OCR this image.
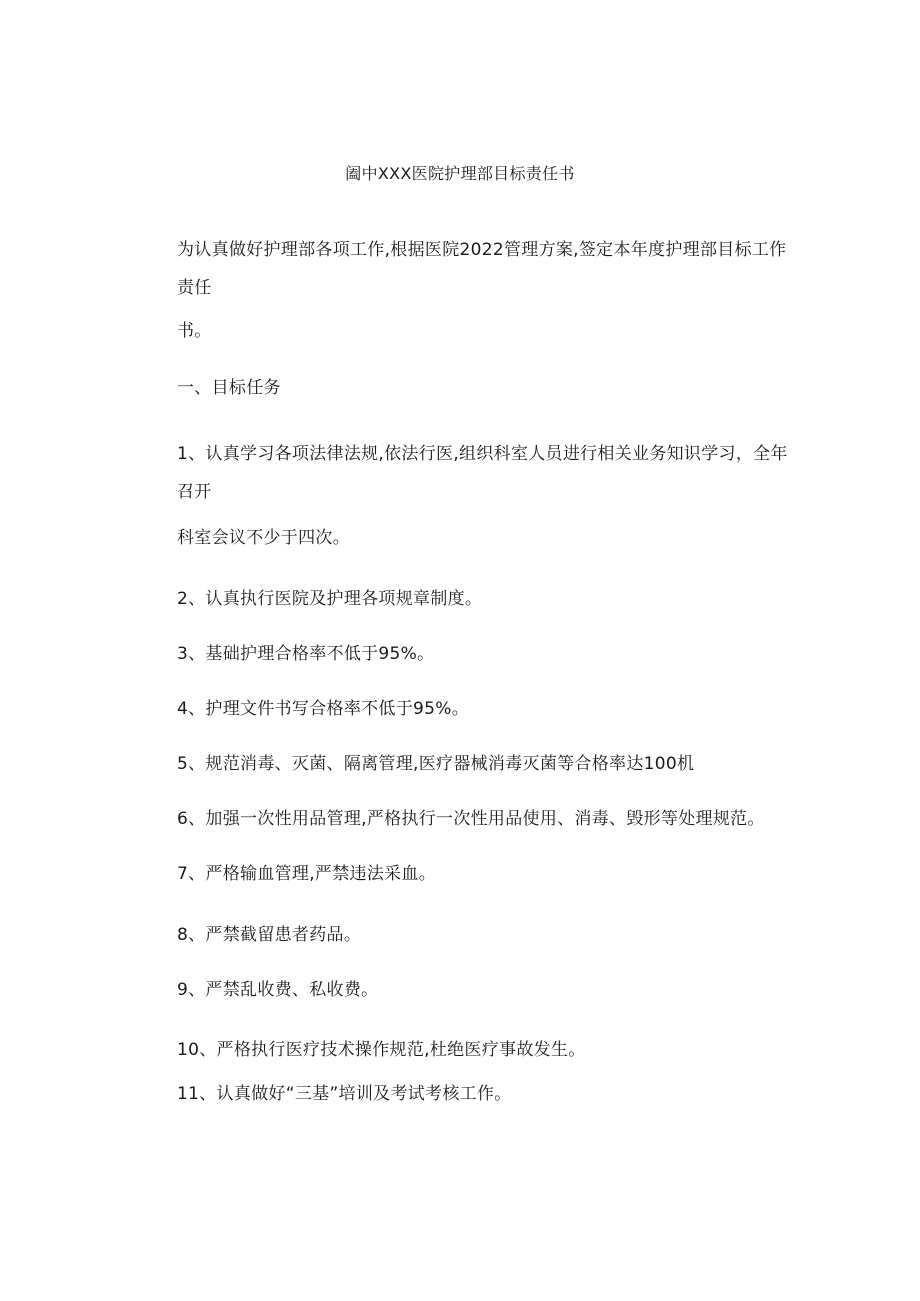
阖中XXX医院护理部目标责任书
为认真做好护理部各项工作,根据医院2022管理方案,签定本年度护理部目标工作责任
书。
一、目标任务
1、认真学习各项法律法规,依法行医,组织科室人员进行相关业务知识学习，全年召开
科室会议不少于四次。
2、认真执行医院及护理各项规章制度。
3、基础护理合格率不低于95%。
4、护理文件书写合格率不低于95%。
5、规范消毒、灭菌、隔离管理,医疗器械消毒灭菌等合格率达100机
6、加强一次性用品管理,严格执行一次性用品使用、消毒、毁形等处理规范。
7、严格输血管理,严禁违法采血。
8、严禁截留患者药品。
9、严禁乱收费、私收费。
10、严格执行医疗技术操作规范,杜绝医疗事故发生。
11、认真做好“三基”培训及考试考核工作。
